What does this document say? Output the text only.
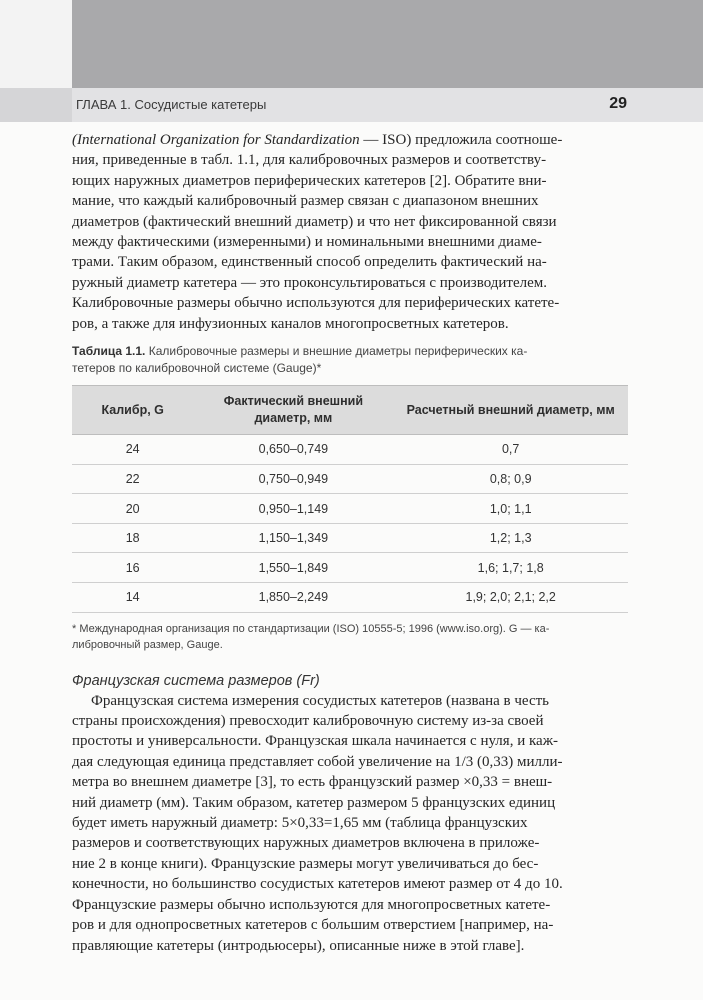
ГЛАВА 1. Сосудистые катетеры	29

(International Organization for Standardization — ISO) предложила соотноше-
ния, приведенные в табл. 1.1, для калибровочных размеров и соответству-
ющих наружных диаметров периферических катетеров [2]. Обратите вни-
мание, что каждый калибровочный размер связан с диапазоном внешних
диаметров (фактический внешний диаметр) и что нет фиксированной связи
между фактическими (измеренными) и номинальными внешними диаме-
трами. Таким образом, единственный способ определить фактический на-
ружный диаметр катетера — это проконсультироваться с производителем.
Калибровочные размеры обычно используются для периферических катете-
ров, а также для инфузионных каналов многопросветных катетеров.

Таблица 1.1. Калибровочные размеры и внешние диаметры периферических ка-
тетеров по калибровочной системе (Gauge)*
Калибр, G	Фактический внешний диаметр, мм	Расчетный внешний диаметр, мм
24	0,650–0,749	0,7
22	0,750–0,949	0,8; 0,9
20	0,950–1,149	1,0; 1,1
18	1,150–1,349	1,2; 1,3
16	1,550–1,849	1,6; 1,7; 1,8
14	1,850–2,249	1,9; 2,0; 2,1; 2,2
* Международная организация по стандартизации (ISO) 10555-5; 1996 (www.iso.org). G — ка-
либровочный размер, Gauge.
Французская система размеров (Fr)

Французская система измерения сосудистых катетеров (названа в честь
страны происхождения) превосходит калибровочную систему из-за своей
простоты и универсальности. Французская шкала начинается с нуля, и каж-
дая следующая единица представляет собой увеличение на 1/3 (0,33) милли-
метра во внешнем диаметре [3], то есть французский размер ×0,33 = внеш-
ний диаметр (мм). Таким образом, катетер размером 5 французских единиц
будет иметь наружный диаметр: 5×0,33=1,65 мм (таблица французских
размеров и соответствующих наружных диаметров включена в приложе-
ние 2 в конце книги). Французские размеры могут увеличиваться до бес-
конечности, но большинство сосудистых катетеров имеют размер от 4 до 10.
Французские размеры обычно используются для многопросветных катете-
ров и для однопросветных катетеров с большим отверстием [например, на-
правляющие катетеры (интродьюсеры), описанные ниже в этой главе].
